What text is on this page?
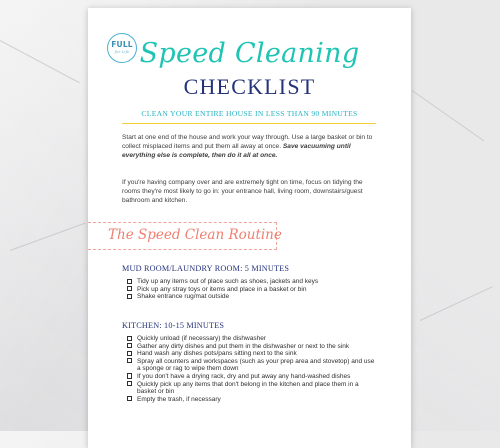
FULL
for Life Speed Cleaning
CHECKLIST
CLEAN YOUR ENTIRE HOUSE IN LESS THAN 90 MINUTES

Start at one end of the house and work your way through. Use a large basket or bin to collect misplaced items and put them all away at once. Save vacuuming until everything else is complete, then do it all at once.

If you're having company over and are extremely tight on time, focus on tidying the rooms they're most likely to go in: your entrance hall, living room, downstairs/guest bathroom and kitchen.

The Speed Clean Routine

MUD ROOM/LAUNDRY ROOM: 5 MINUTES

Tidy up any items out of place such as shoes, jackets and keys
Pick up any stray toys or items and place in a basket or bin
Shake entrance rug/mat outside

KITCHEN: 10-15 MINUTES

Quickly unload (if necessary) the dishwasher
Gather any dirty dishes and put them in the dishwasher or next to the sink
Hand wash any dishes pots/pans sitting next to the sink
Spray all counters and workspaces (such as your prep area and stovetop) and use a sponge or rag to wipe them down
If you don't have a drying rack, dry and put away any hand-washed dishes
Quickly pick up any items that don't belong in the kitchen and place them in a basket or bin
Empty the trash, if necessary
